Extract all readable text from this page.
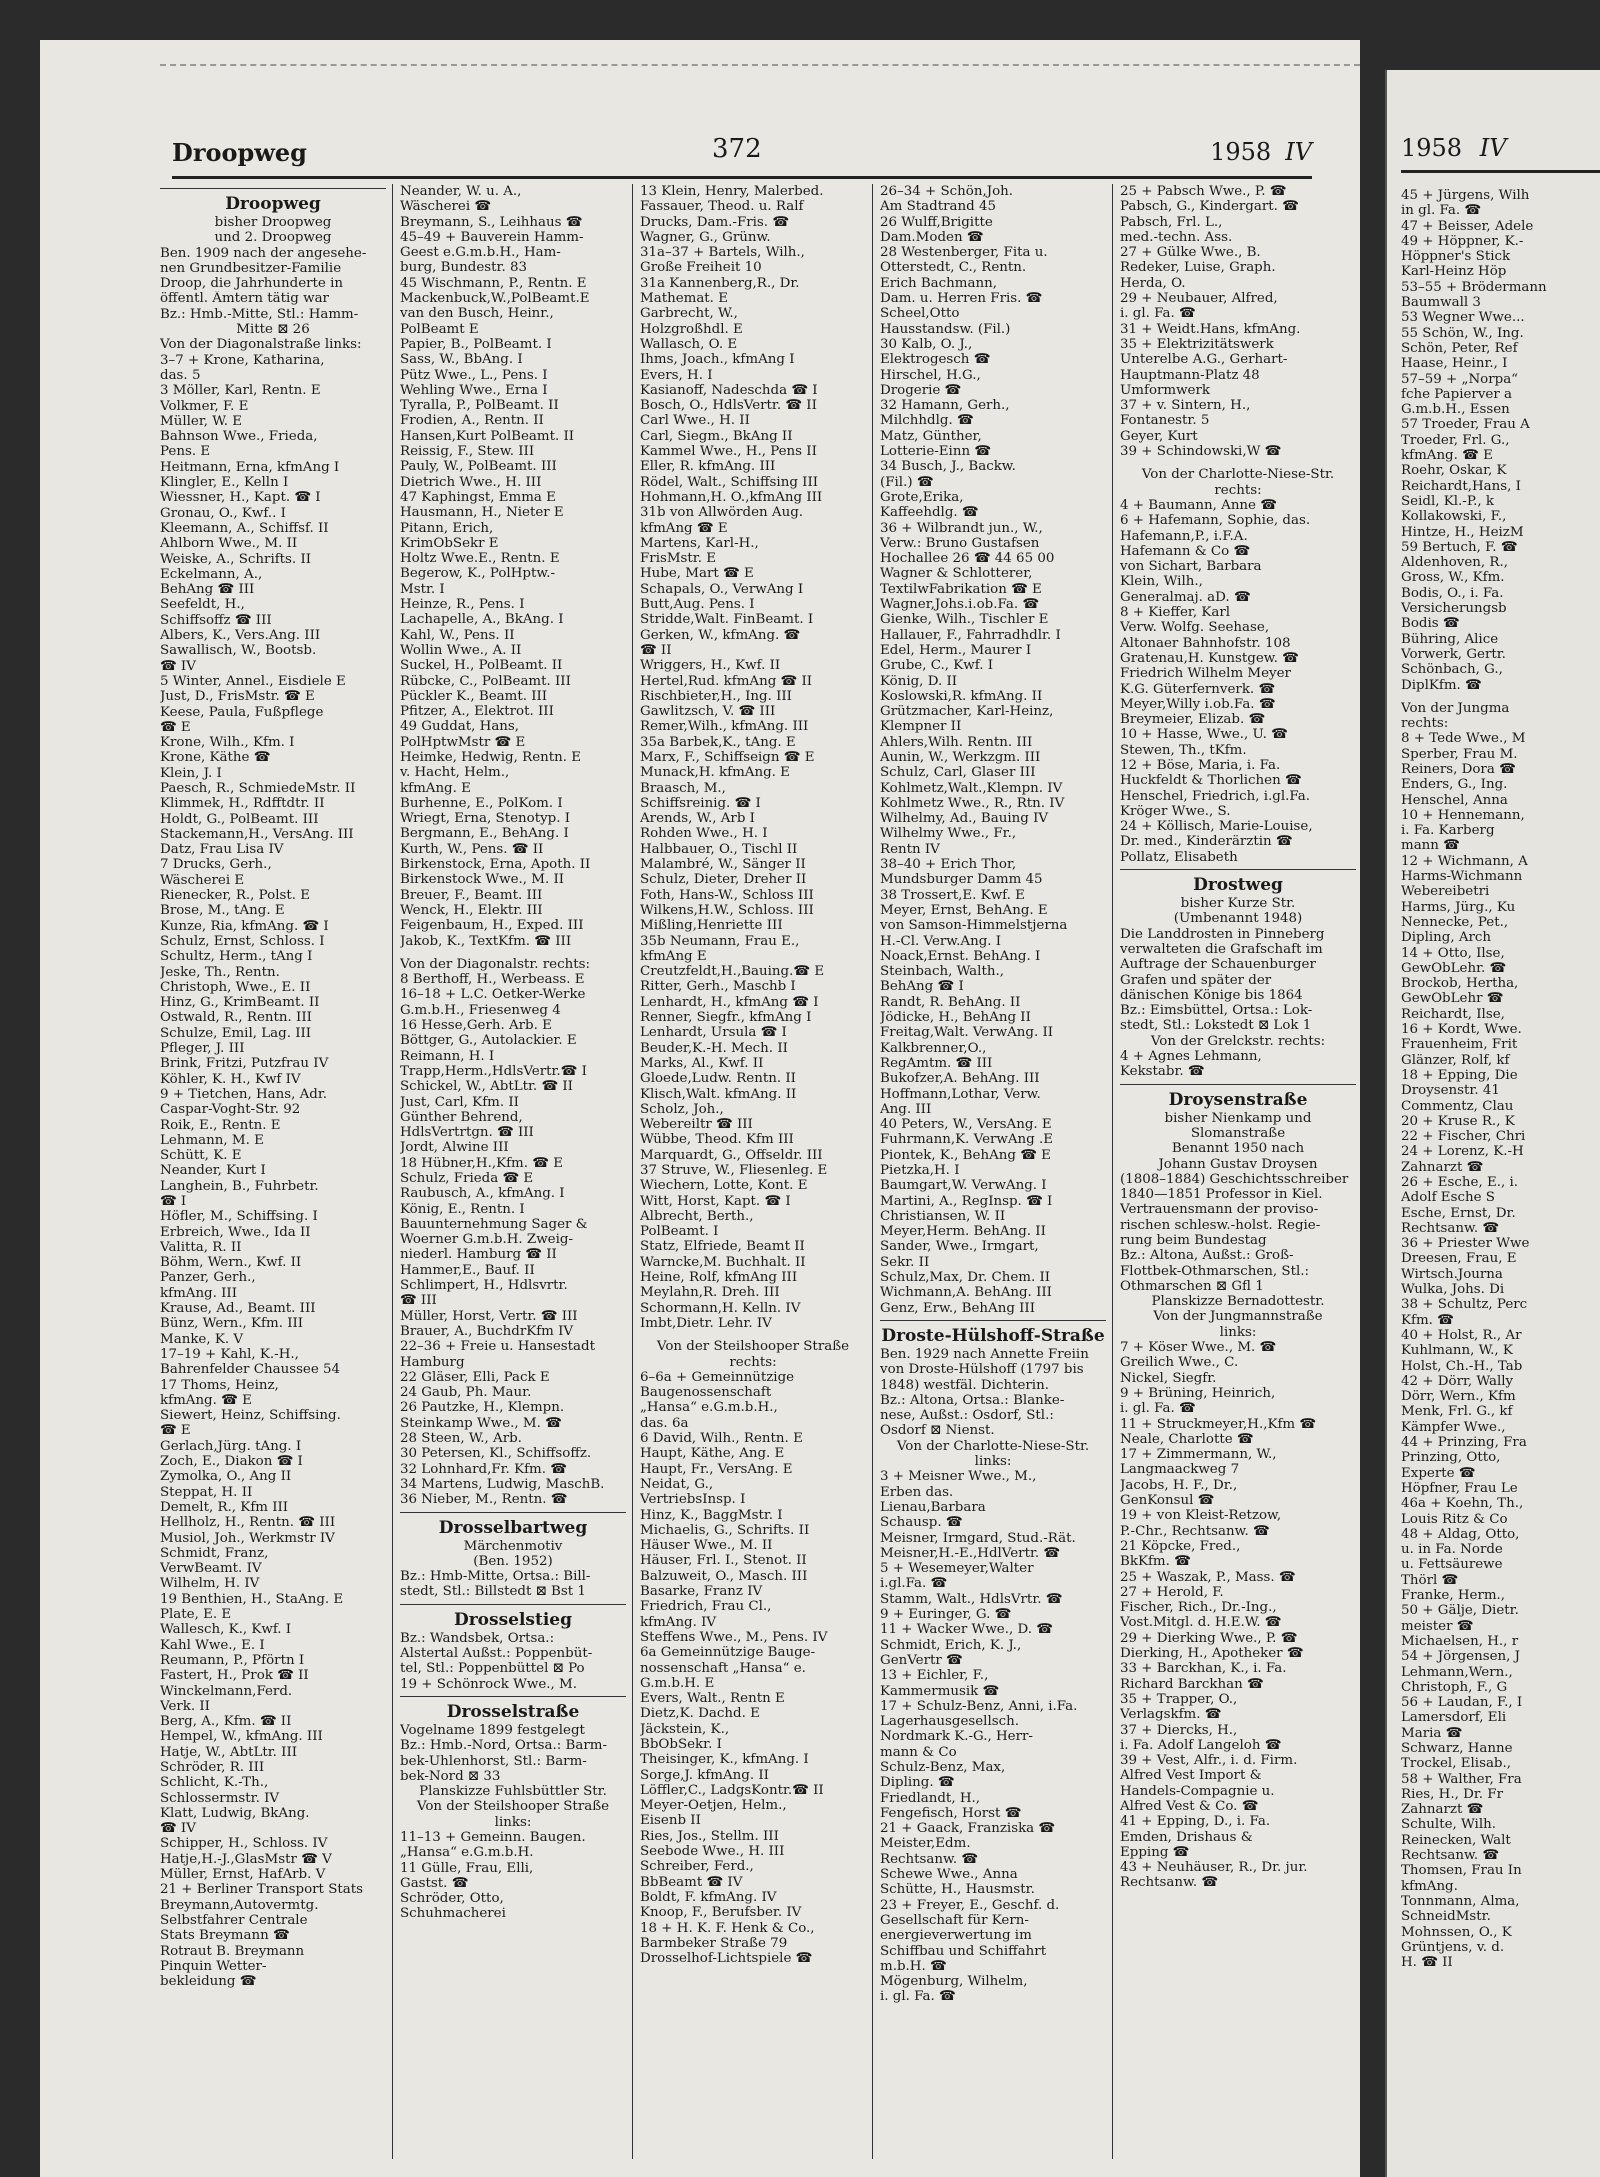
Droopweg	372	1958 IV
Droopweg
bisher Droopweg
und 2. Droopweg
Ben. 1909 nach der angesehe-
nen Grundbesitzer-Familie
Droop, die Jahrhunderte in
öffentl. Ämtern tätig war
Bz.: Hmb.-Mitte, Stl.: Hamm-
Mitte ⊠ 26
Von der Diagonalstraße links:
3–7 + Krone, Katharina,
das. 5
3 Möller, Karl, Rentn. E
Volkmer, F. E
Müller, W. E
Bahnson Wwe., Frieda,
Pens. E
Heitmann, Erna, kfmAng I
Klingler, E., Kelln I
Wiessner, H., Kapt. ☎ I
Gronau, O., Kwf.. I
Kleemann, A., Schiffsf. II
Ahlborn Wwe., M. II
Weiske, A., Schrifts. II
Eckelmann, A.,
BehAng ☎ III
Seefeldt, H.,
Schiffsoffz ☎ III
Albers, K., Vers.Ang. III
Sawallisch, W., Bootsb.
☎ IV
5 Winter, Annel., Eisdiele E
Just, D., FrisMstr. ☎ E
Keese, Paula, Fußpflege
☎ E
Krone, Wilh., Kfm. I
Krone, Käthe ☎
Klein, J. I
Paesch, R., SchmiedeMstr. II
Klimmek, H., Rdfftdtr. II
Holdt, G., PolBeamt. III
Stackemann,H., VersAng. III
Datz, Frau Lisa IV
7 Drucks, Gerh.,
Wäscherei E
Rienecker, R., Polst. E
Brose, M., tAng. E
Kunze, Ria, kfmAng. ☎ I
Schulz, Ernst, Schloss. I
Schultz, Herm., tAng I
Jeske, Th., Rentn.
Christoph, Wwe., E. II
Hinz, G., KrimBeamt. II
Ostwald, R., Rentn. III
Schulze, Emil, Lag. III
Pfleger, J. III
Brink, Fritzi, Putzfrau IV
Köhler, K. H., Kwf IV
9 + Tietchen, Hans, Adr.
Caspar-Voght-Str. 92
Roik, E., Rentn. E
Lehmann, M. E
Schütt, K. E
Neander, Kurt I
Langhein, B., Fuhrbetr.
☎ I
Höfler, M., Schiffsing. I
Erbreich, Wwe., Ida II
Valitta, R. II
Böhm, Wern., Kwf. II
Panzer, Gerh.,
kfmAng. III
Krause, Ad., Beamt. III
Bünz, Wern., Kfm. III
Manke, K. V
17–19 + Kahl, K.-H.,
Bahrenfelder Chaussee 54
17 Thoms, Heinz,
kfmAng. ☎ E
Siewert, Heinz, Schiffsing.
☎ E
Gerlach,Jürg. tAng. I
Zoch, E., Diakon ☎ I
Zymolka, O., Ang II
Steppat, H. II
Demelt, R., Kfm III
Hellholz, H., Rentn. ☎ III
Musiol, Joh., Werkmstr IV
Schmidt, Franz,
VerwBeamt. IV
Wilhelm, H. IV
19 Benthien, H., StaAng. E
Plate, E. E
Wallesch, K., Kwf. I
Kahl Wwe., E. I
Reumann, P., Pförtn I
Fastert, H., Prok ☎ II
Winckelmann,Ferd.
Verk. II
Berg, A., Kfm. ☎ II
Hempel, W., kfmAng. III
Hatje, W., AbtLtr. III
Schröder, R. III
Schlicht, K.-Th.,
Schlossermstr. IV
Klatt, Ludwig, BkAng.
☎ IV
Schipper, H., Schloss. IV
Hatje,H.-J.,GlasMstr ☎ V
Müller, Ernst, HafArb. V
21 + Berliner Transport Stats
Breymann,Autovermtg.
Selbstfahrer Centrale
Stats Breymann ☎
Rotraut B. Breymann
Pinquin Wetter-
bekleidung ☎
Neander, W. u. A.,
Wäscherei ☎
Breymann, S., Leihhaus ☎
45–49 + Bauverein Hamm-
Geest e.G.m.b.H., Ham-
burg, Bundestr. 83
45 Wischmann, P., Rentn. E
Mackenbuck,W.,PolBeamt.E
van den Busch, Heinr.,
PolBeamt E
Papier, B., PolBeamt. I
Sass, W., BbAng. I
Pütz Wwe., L., Pens. I
Wehling Wwe., Erna I
Tyralla, P., PolBeamt. II
Frodien, A., Rentn. II
Hansen,Kurt PolBeamt. II
Reissig, F., Stew. III
Pauly, W., PolBeamt. III
Dietrich Wwe., H. III
47 Kaphingst, Emma E
Hausmann, H., Nieter E
Pitann, Erich,
KrimObSekr E
Holtz Wwe.E., Rentn. E
Begerow, K., PolHptw.-
Mstr. I
Heinze, R., Pens. I
Lachapelle, A., BkAng. I
Kahl, W., Pens. II
Wollin Wwe., A. II
Suckel, H., PolBeamt. II
Rübcke, C., PolBeamt. III
Pückler K., Beamt. III
Pfitzer, A., Elektrot. III
49 Guddat, Hans,
PolHptwMstr ☎ E
Heimke, Hedwig, Rentn. E
v. Hacht, Helm.,
kfmAng. E
Burhenne, E., PolKom. I
Wriegt, Erna, Stenotyp. I
Bergmann, E., BehAng. I
Kurth, W., Pens. ☎ II
Birkenstock, Erna, Apoth. II
Birkenstock Wwe., M. II
Breuer, F., Beamt. III
Wenck, H., Elektr. III
Feigenbaum, H., Exped. III
Jakob, K., TextKfm. ☎ III
Von der Diagonalstr. rechts:
8 Berthoff, H., Werbeass. E
16–18 + L.C. Oetker-Werke
G.m.b.H., Friesenweg 4
16 Hesse,Gerh. Arb. E
Böttger, G., Autolackier. E
Reimann, H. I
Trapp,Herm.,HdlsVertr.☎ I
Schickel, W., AbtLtr. ☎ II
Just, Carl, Kfm. II
Günther Behrend,
HdlsVertrtgn. ☎ III
Jordt, Alwine III
18 Hübner,H.,Kfm. ☎ E
Schulz, Frieda ☎ E
Raubusch, A., kfmAng. I
König, E., Rentn. I
Bauunternehmung Sager &
Woerner G.m.b.H. Zweig-
niederl. Hamburg ☎ II
Hammer,E., Bauf. II
Schlimpert, H., Hdlsvrtr.
☎ III
Müller, Horst, Vertr. ☎ III
Brauer, A., BuchdrKfm IV
22–36 + Freie u. Hansestadt
Hamburg
22 Gläser, Elli, Pack E
24 Gaub, Ph. Maur.
26 Pautzke, H., Klempn.
Steinkamp Wwe., M. ☎
28 Steen, W., Arb.
30 Petersen, Kl., Schiffsoffz.
32 Lohnhard,Fr. Kfm. ☎
34 Martens, Ludwig, MaschB.
36 Nieber, M., Rentn. ☎
Drosselbartweg
Märchenmotiv
(Ben. 1952)
Bz.: Hmb-Mitte, Ortsa.: Bill-
stedt, Stl.: Billstedt ⊠ Bst 1
Drosselstieg
Bz.: Wandsbek, Ortsa.:
Alstertal Außst.: Poppenbüt-
tel, Stl.: Poppenbüttel ⊠ Po
19 + Schönrock Wwe., M.
Drosselstraße
Vogelname 1899 festgelegt
Bz.: Hmb.-Nord, Ortsa.: Barm-
bek-Uhlenhorst, Stl.: Barm-
bek-Nord ⊠ 33
Planskizze Fuhlsbüttler Str.
Von der Steilshooper Straße
links:
11–13 + Gemeinn. Baugen.
„Hansa“ e.G.m.b.H.
11 Gülle, Frau, Elli,
Gastst. ☎
Schröder, Otto,
Schuhmacherei
13 Klein, Henry, Malerbed.
Fassauer, Theod. u. Ralf
Drucks, Dam.-Fris. ☎
Wagner, G., Grünw.
31a–37 + Bartels, Wilh.,
Große Freiheit 10
31a Kannenberg,R., Dr.
Mathemat. E
Garbrecht, W.,
Holzgroßhdl. E
Wallasch, O. E
Ihms, Joach., kfmAng I
Evers, H. I
Kasianoff, Nadeschda ☎ I
Bosch, O., HdlsVertr. ☎ II
Carl Wwe., H. II
Carl, Siegm., BkAng II
Kammel Wwe., H., Pens II
Eller, R. kfmAng. III
Rödel, Walt., Schiffsing III
Hohmann,H. O.,kfmAng III
31b von Allwörden Aug.
kfmAng ☎ E
Martens, Karl-H.,
FrisMstr. E
Hube, Mart ☎ E
Schapals, O., VerwAng I
Butt,Aug. Pens. I
Stridde,Walt. FinBeamt. I
Gerken, W., kfmAng. ☎
☎ II
Wriggers, H., Kwf. II
Hertel,Rud. kfmAng ☎ II
Rischbieter,H., Ing. III
Gawlitzsch, V. ☎ III
Remer,Wilh., kfmAng. III
35a Barbek,K., tAng. E
Marx, F., Schiffseign ☎ E
Munack,H. kfmAng. E
Braasch, M.,
Schiffsreinig. ☎ I
Arends, W., Arb I
Rohden Wwe., H. I
Halbbauer, O., Tischl II
Malambré, W., Sänger II
Schulz, Dieter, Dreher II
Foth, Hans-W., Schloss III
Wilkens,H.W., Schloss. III
Mißling,Henriette III
35b Neumann, Frau E.,
kfmAng E
Creutzfeldt,H.,Bauing.☎ E
Ritter, Gerh., Maschb I
Lenhardt, H., kfmAng ☎ I
Renner, Siegfr., kfmAng I
Lenhardt, Ursula ☎ I
Beuder,K.-H. Mech. II
Marks, Al., Kwf. II
Gloede,Ludw. Rentn. II
Klisch,Walt. kfmAng. II
Scholz, Joh.,
Webereiltr ☎ III
Wübbe, Theod. Kfm III
Marquardt, G., Offseldr. III
37 Struve, W., Fliesenleg. E
Wiechern, Lotte, Kont. E
Witt, Horst, Kapt. ☎ I
Albrecht, Berth.,
PolBeamt. I
Statz, Elfriede, Beamt II
Warncke,M. Buchhalt. II
Heine, Rolf, kfmAng III
Meylahn,R. Dreh. III
Schormann,H. Kelln. IV
Imbt,Dietr. Lehr. IV
Von der Steilshooper Straße
rechts:
6–6a + Gemeinnützige
Baugenossenschaft
„Hansa“ e.G.m.b.H.,
das. 6a
6 David, Wilh., Rentn. E
Haupt, Käthe, Ang. E
Haupt, Fr., VersAng. E
Neidat, G.,
VertriebsInsp. I
Hinz, K., BaggMstr. I
Michaelis, G., Schrifts. II
Häuser Wwe., M. II
Häuser, Frl. I., Stenot. II
Balzuweit, O., Masch. III
Basarke, Franz IV
Friedrich, Frau Cl.,
kfmAng. IV
Steffens Wwe., M., Pens. IV
6a Gemeinnützige Bauge-
nossenschaft „Hansa“ e.
G.m.b.H. E
Evers, Walt., Rentn E
Dietz,K. Dachd. E
Jäckstein, K.,
BbObSekr. I
Theisinger, K., kfmAng. I
Sorge,J. kfmAng. II
Löffler,C., LadgsKontr.☎ II
Meyer-Oetjen, Helm.,
Eisenb II
Ries, Jos., Stellm. III
Seebode Wwe., H. III
Schreiber, Ferd.,
BbBeamt ☎ IV
Boldt, F. kfmAng. IV
Knoop, F., Berufsber. IV
18 + H. K. F. Henk & Co.,
Barmbeker Straße 79
Drosselhof-Lichtspiele ☎
26–34 + Schön,Joh.
Am Stadtrand 45
26 Wulff,Brigitte
Dam.Moden ☎
28 Westenberger, Fita u.
Otterstedt, C., Rentn.
Erich Bachmann,
Dam. u. Herren Fris. ☎
Scheel,Otto
Hausstandsw. (Fil.)
30 Kalb, O. J.,
Elektrogesch ☎
Hirschel, H.G.,
Drogerie ☎
32 Hamann, Gerh.,
Milchhdlg. ☎
Matz, Günther,
Lotterie-Einn ☎
34 Busch, J., Backw.
(Fil.) ☎
Grote,Erika,
Kaffeehdlg. ☎
36 + Wilbrandt jun., W.,
Verw.: Bruno Gustafsen
Hochallee 26 ☎ 44 65 00
Wagner & Schlotterer,
TextilwFabrikation ☎ E
Wagner,Johs.i.ob.Fa. ☎
Gienke, Wilh., Tischler E
Hallauer, F., Fahrradhdlr. I
Edel, Herm., Maurer I
Grube, C., Kwf. I
König, D. II
Koslowski,R. kfmAng. II
Grützmacher, Karl-Heinz,
Klempner II
Ahlers,Wilh. Rentn. III
Aunin, W., Werkzgm. III
Schulz, Carl, Glaser III
Kohlmetz,Walt.,Klempn. IV
Kohlmetz Wwe., R., Rtn. IV
Wilhelmy, Ad., Bauing IV
Wilhelmy Wwe., Fr.,
Rentn IV
38–40 + Erich Thor,
Mundsburger Damm 45
38 Trossert,E. Kwf. E
Meyer, Ernst, BehAng. E
von Samson-Himmelstjerna
H.-Cl. Verw.Ang. I
Noack,Ernst. BehAng. I
Steinbach, Walth.,
BehAng ☎ I
Randt, R. BehAng. II
Jödicke, H., BehAng II
Freitag,Walt. VerwAng. II
Kalkbrenner,O.,
RegAmtm. ☎ III
Bukofzer,A. BehAng. III
Hoffmann,Lothar, Verw.
Ang. III
40 Peters, W., VersAng. E
Fuhrmann,K. VerwAng .E
Piontek, K., BehAng ☎ E
Pietzka,H. I
Baumgart,W. VerwAng. I
Martini, A., RegInsp. ☎ I
Christiansen, W. II
Meyer,Herm. BehAng. II
Sander, Wwe., Irmgart,
Sekr. II
Schulz,Max, Dr. Chem. II
Wichmann,A. BehAng. III
Genz, Erw., BehAng III
Droste-Hülshoff-Straße
Ben. 1929 nach Annette Freiin
von Droste-Hülshoff (1797 bis
1848) westfäl. Dichterin.
Bz.: Altona, Ortsa.: Blanke-
nese, Außst.: Osdorf, Stl.:
Osdorf ⊠ Nienst.
Von der Charlotte-Niese-Str.
links:
3 + Meisner Wwe., M.,
Erben das.
Lienau,Barbara
Schausp. ☎
Meisner, Irmgard, Stud.-Rät.
Meisner,H.-E.,HdlVertr. ☎
5 + Wesemeyer,Walter
i.gl.Fa. ☎
Stamm, Walt., HdlsVrtr. ☎
9 + Euringer, G. ☎
11 + Wacker Wwe., D. ☎
Schmidt, Erich, K. J.,
GenVertr ☎
13 + Eichler, F.,
Kammermusik ☎
17 + Schulz-Benz, Anni, i.Fa.
Lagerhausgesellsch.
Nordmark K.-G., Herr-
mann & Co
Schulz-Benz, Max,
Dipling. ☎
Friedlandt, H.,
Fengefisch, Horst ☎
21 + Gaack, Franziska ☎
Meister,Edm.
Rechtsanw. ☎
Schewe Wwe., Anna
Schütte, H., Hausmstr.
23 + Freyer, E., Geschf. d.
Gesellschaft für Kern-
energieverwertung im
Schiffbau und Schiffahrt
m.b.H. ☎
Mögenburg, Wilhelm,
i. gl. Fa. ☎
25 + Pabsch Wwe., P. ☎
Pabsch, G., Kindergart. ☎
Pabsch, Frl. L.,
med.-techn. Ass.
27 + Gülke Wwe., B.
Redeker, Luise, Graph.
Herda, O.
29 + Neubauer, Alfred,
i. gl. Fa. ☎
31 + Weidt.Hans, kfmAng.
35 + Elektrizitätswerk
Unterelbe A.G., Gerhart-
Hauptmann-Platz 48
Umformwerk
37 + v. Sintern, H.,
Fontanestr. 5
Geyer, Kurt
39 + Schindowski,W ☎
Von der Charlotte-Niese-Str.
rechts:
4 + Baumann, Anne ☎
6 + Hafemann, Sophie, das.
Hafemann,P., i.F.A.
Hafemann & Co ☎
von Sichart, Barbara
Klein, Wilh.,
Generalmaj. aD. ☎
8 + Kieffer, Karl
Verw. Wolfg. Seehase,
Altonaer Bahnhofstr. 108
Gratenau,H. Kunstgew. ☎
Friedrich Wilhelm Meyer
K.G. Güterfernverk. ☎
Meyer,Willy i.ob.Fa. ☎
Breymeier, Elizab. ☎
10 + Hasse, Wwe., U. ☎
Stewen, Th., tKfm.
12 + Böse, Maria, i. Fa.
Huckfeldt & Thorlichen ☎
Henschel, Friedrich, i.gl.Fa.
Kröger Wwe., S.
24 + Köllisch, Marie-Louise,
Dr. med., Kinderärztin ☎
Pollatz, Elisabeth
Drostweg
bisher Kurze Str.
(Umbenannt 1948)
Die Landdrosten in Pinneberg
verwalteten die Grafschaft im
Auftrage der Schauenburger
Grafen und später der
dänischen Könige bis 1864
Bz.: Eimsbüttel, Ortsa.: Lok-
stedt, Stl.: Lokstedt ⊠ Lok 1
Von der Grelckstr. rechts:
4 + Agnes Lehmann,
Kekstabr. ☎
Droysenstraße
bisher Nienkamp und
Slomanstraße
Benannt 1950 nach
Johann Gustav Droysen
(1808–1884) Geschichtsschreiber
1840—1851 Professor in Kiel.
Vertrauensmann der proviso-
rischen schlesw.-holst. Regie-
rung beim Bundestag
Bz.: Altona, Außst.: Groß-
Flottbek-Othmarschen, Stl.:
Othmarschen ⊠ Gfl 1
Planskizze Bernadottestr.
Von der Jungmannstraße
links:
7 + Köser Wwe., M. ☎
Greilich Wwe., C.
Nickel, Siegfr.
9 + Brüning, Heinrich,
i. gl. Fa. ☎
11 + Struckmeyer,H.,Kfm ☎
Neale, Charlotte ☎
17 + Zimmermann, W.,
Langmaackweg 7
Jacobs, H. F., Dr.,
GenKonsul ☎
19 + von Kleist-Retzow,
P.-Chr., Rechtsanw. ☎
21 Köpcke, Fred.,
BkKfm. ☎
25 + Waszak, P., Mass. ☎
27 + Herold, F.
Fischer, Rich., Dr.-Ing.,
Vost.Mitgl. d. H.E.W. ☎
29 + Dierking Wwe., P. ☎
Dierking, H., Apotheker ☎
33 + Barckhan, K., i. Fa.
Richard Barckhan ☎
35 + Trapper, O.,
Verlagskfm. ☎
37 + Diercks, H.,
i. Fa. Adolf Langeloh ☎
39 + Vest, Alfr., i. d. Firm.
Alfred Vest Import &
Handels-Compagnie u.
Alfred Vest & Co. ☎
41 + Epping, D., i. Fa.
Emden, Drishaus &
Epping ☎
43 + Neuhäuser, R., Dr. jur.
Rechtsanw. ☎
1958 IV
45 + Jürgens, Wilh
in gl. Fa. ☎
47 + Beisser, Adele
49 + Höppner, K.-
Höppner's Stick
Karl-Heinz Höp
53–55 + Brödermann
Baumwall 3
53 Wegner Wwe...
55 Schön, W., Ing.
Schön, Peter, Ref
Haase, Heinr., I
57–59 + „Norpa“
fche Papierver a
G.m.b.H., Essen
57 Troeder, Frau A
Troeder, Frl. G.,
kfmAng. ☎ E
Roehr, Oskar, K
Reichardt,Hans, I
Seidl, Kl.-P., k
Kollakowski, F.,
Hintze, H., HeizM
59 Bertuch, F. ☎
Aldenhoven, R.,
Gross, W., Kfm.
Bodis, O., i. Fa.
Versicherungsb
Bodis ☎
Bühring, Alice
Vorwerk, Gertr.
Schönbach, G.,
DiplKfm. ☎
Von der Jungma
rechts:
8 + Tede Wwe., M
Sperber, Frau M.
Reiners, Dora ☎
Enders, G., Ing.
Henschel, Anna
10 + Hennemann,
i. Fa. Karberg
mann ☎
12 + Wichmann, A
Harms-Wichmann
Webereibetri
Harms, Jürg., Ku
Nennecke, Pet.,
Dipling, Arch
14 + Otto, Ilse,
GewObLehr. ☎
Brockob, Hertha,
GewObLehr ☎
Reichardt, Ilse,
16 + Kordt, Wwe.
Frauenheim, Frit
Glänzer, Rolf, kf
18 + Epping, Die
Droysenstr. 41
Commentz, Clau
20 + Kruse R., K
22 + Fischer, Chri
24 + Lorenz, K.-H
Zahnarzt ☎
26 + Esche, E., i.
Adolf Esche S
Esche, Ernst, Dr.
Rechtsanw. ☎
36 + Priester Wwe
Dreesen, Frau, E
Wirtsch.Journa
Wulka, Johs. Di
38 + Schultz, Perc
Kfm. ☎
40 + Holst, R., Ar
Kuhlmann, W., K
Holst, Ch.-H., Tab
42 + Dörr, Wally
Dörr, Wern., Kfm
Menk, Frl. G., kf
Kämpfer Wwe.,
44 + Prinzing, Fra
Prinzing, Otto,
Experte ☎
Höpfner, Frau Le
46a + Koehn, Th.,
Louis Ritz & Co
48 + Aldag, Otto,
u. in Fa. Norde
u. Fettsäurewe
Thörl ☎
Franke, Herm.,
50 + Gälje, Dietr.
meister ☎
Michaelsen, H., r
54 + Jörgensen, J
Lehmann,Wern.,
Christoph, F., G
56 + Laudan, F., I
Lamersdorf, Eli
Maria ☎
Schwarz, Hanne
Trockel, Elisab.,
58 + Walther, Fra
Ries, H., Dr. Fr
Zahnarzt ☎
Schulte, Wilh.
Reinecken, Walt
Rechtsanw. ☎
Thomsen, Frau In
kfmAng.
Tonnmann, Alma,
SchneidMstr.
Mohnssen, O., K
Grüntjens, v. d.
H. ☎ II
